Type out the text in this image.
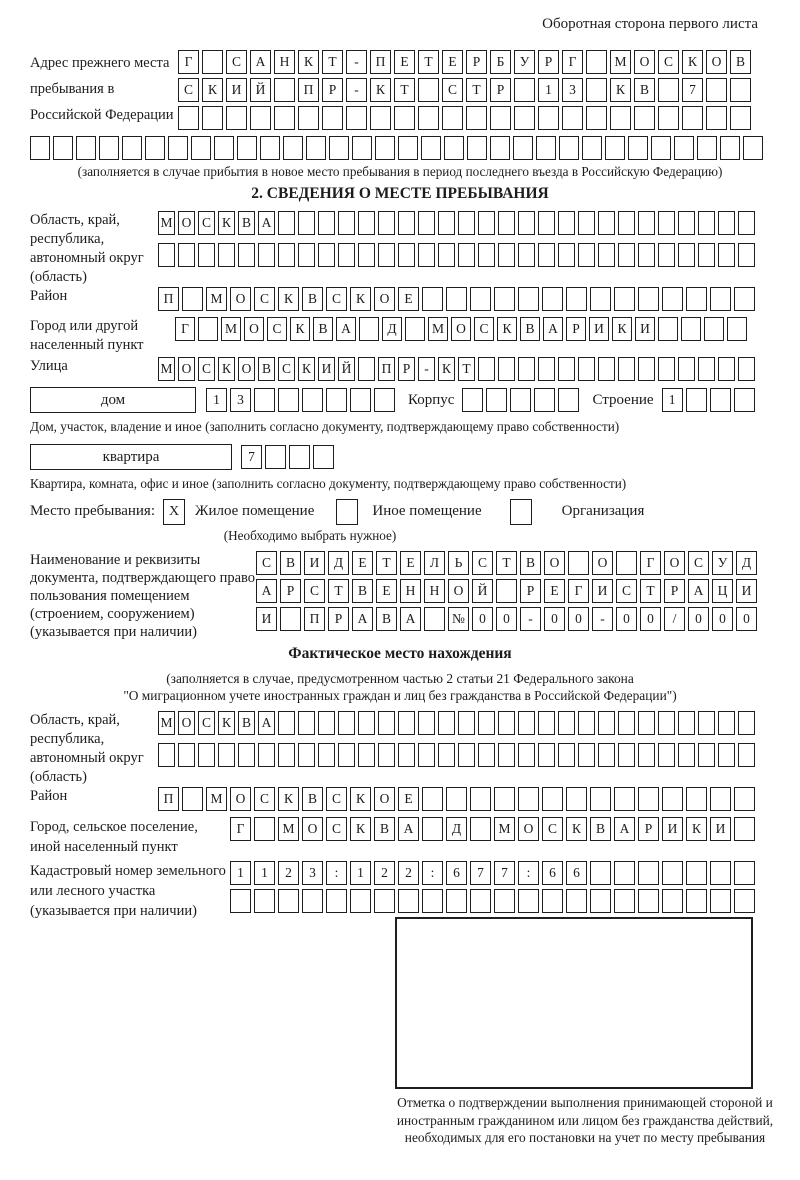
Оборотная сторона первого листа
Адрес прежнего места пребывания в Российской Федерации
Г	С	А	Н	К	Т	-	П	Е	Т	Е	Р	Б	У	Р	Г	М О	С	К	О	В
С	К	И	Й	П	Р	-	К	Т	С	Т	Р	1	3	К	В	7
(заполняется в случае прибытия в новое место пребывания в период последнего въезда в Российскую Федерацию)
2. СВЕДЕНИЯ О МЕСТЕ ПРЕБЫВАНИЯ
Область, край, республика, автономный округ (область)
М О С К В А
Район	П	М О	С	К	В	С	К	О	Е
Город или другой населенный пункт
Г	М О	С	К	В	А	Д	М О	С	К	В	А	Р	И	К	И
Улица	М О С К О В С К И Й П Р	- К Т
дом	1	3	Корпус	Строение	1
Дом, участок, владение и иное (заполнить согласно документу, подтверждающему право собственности)
квартира	7
Квартира, комната, офис и иное (заполнить согласно документу, подтверждающему право собственности)
Место пребывания: X Жилое помещение	Иное помещение	Организация
(Необходимо выбрать нужное)
Наименование и реквизиты документа, подтверждающего право пользования помещением (строением, сооружением) (указывается при наличии)
С	В	И	Д	Е	Т	Е	Л	Ь	С	Т	В	О	О	Г	О	С	У	Д
А	Р	С	Т	В	Е	Н	Н	О	Й	Р	Е	Г	И	С	Т	Р	А	Ц	И
И	П	Р	А	В	А	№	0	0	-	0	0	-	0	0	/	0	0	0
Фактическое место нахождения
(заполняется в случае, предусмотренном частью 2 статьи 21 Федерального закона
"О миграционном учете иностранных граждан и лиц без гражданства в Российской Федерации")
Область, край, республика, автономный округ (область)
М О С К В А
Район	П	М О	С	К	В	С	К	О	Е
Город, сельское поселение, иной населенный пункт
Г	М О	С	К	В	А	Д	М О	С	К	В	А	Р	И	К	И
Кадастровый номер земельного или лесного участка (указывается при наличии)
1	1	2	3	:	1	2	2	:	6	7	7	:	6	6
Отметка о подтверждении выполнения принимающей стороной и иностранным гражданином или лицом без гражданства действий, необходимых для его постановки на учет по месту пребывания
